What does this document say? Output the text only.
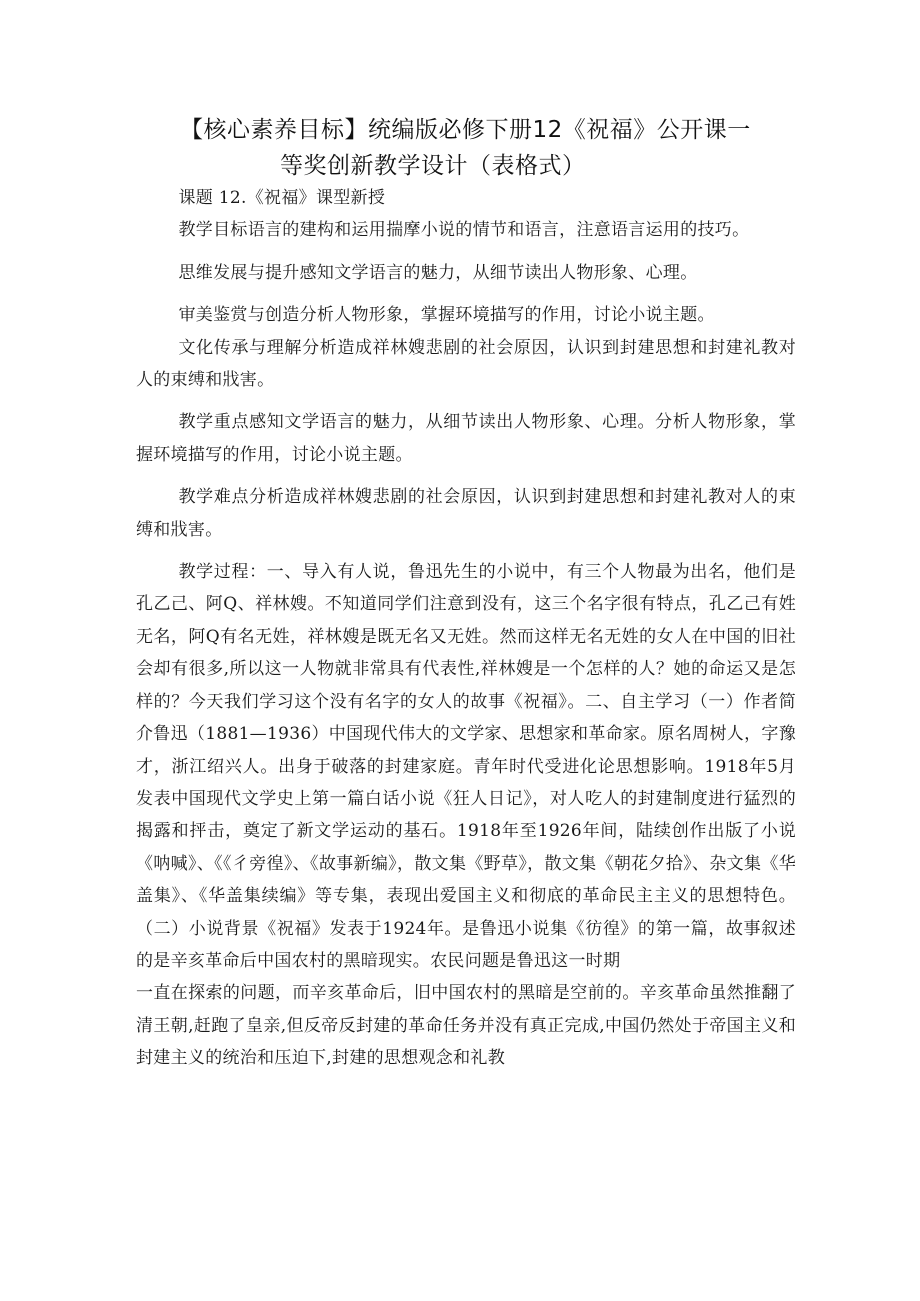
【核心素养目标】统编版必修下册12《祝福》公开课一
等奖创新教学设计（表格式）

课题 12.《祝福》课型新授

教学目标语言的建构和运用揣摩小说的情节和语言，注意语言运用的技巧。

思维发展与提升感知文学语言的魅力，从细节读出人物形象、心理。

审美鉴赏与创造分析人物形象，掌握环境描写的作用，讨论小说主题。

文化传承与理解分析造成祥林嫂悲剧的社会原因，认识到封建思想和封建礼教对人的束缚和戕害。

教学重点感知文学语言的魅力，从细节读出人物形象、心理。分析人物形象，掌握环境描写的作用，讨论小说主题。

教学难点分析造成祥林嫂悲剧的社会原因，认识到封建思想和封建礼教对人的束缚和戕害。

教学过程：一、导入有人说，鲁迅先生的小说中，有三个人物最为出名，他们是孔乙己、阿Q、祥林嫂。不知道同学们注意到没有，这三个名字很有特点，孔乙己有姓无名，阿Q有名无姓，祥林嫂是既无名又无姓。然而这样无名无姓的女人在中国的旧社会却有很多,所以这一人物就非常具有代表性,祥林嫂是一个怎样的人？她的命运又是怎样的？今天我们学习这个没有名字的女人的故事《祝福》。二、自主学习（一）作者简介鲁迅（1881—1936）中国现代伟大的文学家、思想家和革命家。原名周树人，字豫才，浙江绍兴人。出身于破落的封建家庭。青年时代受进化论思想影响。1918年5月发表中国现代文学史上第一篇白话小说《狂人日记》，对人吃人的封建制度进行猛烈的揭露和抨击，奠定了新文学运动的基石。1918年至1926年间，陆续创作出版了小说《呐喊》、《《彳旁徨》、《故事新编》，散文集《野草》，散文集《朝花夕拾》、杂文集《华盖集》、《华盖集续编》等专集，表现出爱国主义和彻底的革命民主主义的思想特色。（二）小说背景《祝福》发表于1924年。是鲁迅小说集《彷徨》的第一篇，故事叙述的是辛亥革命后中国农村的黑暗现实。农民问题是鲁迅这一时期

一直在探索的问题，而辛亥革命后，旧中国农村的黑暗是空前的。辛亥革命虽然推翻了清王朝,赶跑了皇亲,但反帝反封建的革命任务并没有真正完成,中国仍然处于帝国主义和封建主义的统治和压迫下,封建的思想观念和礼教
